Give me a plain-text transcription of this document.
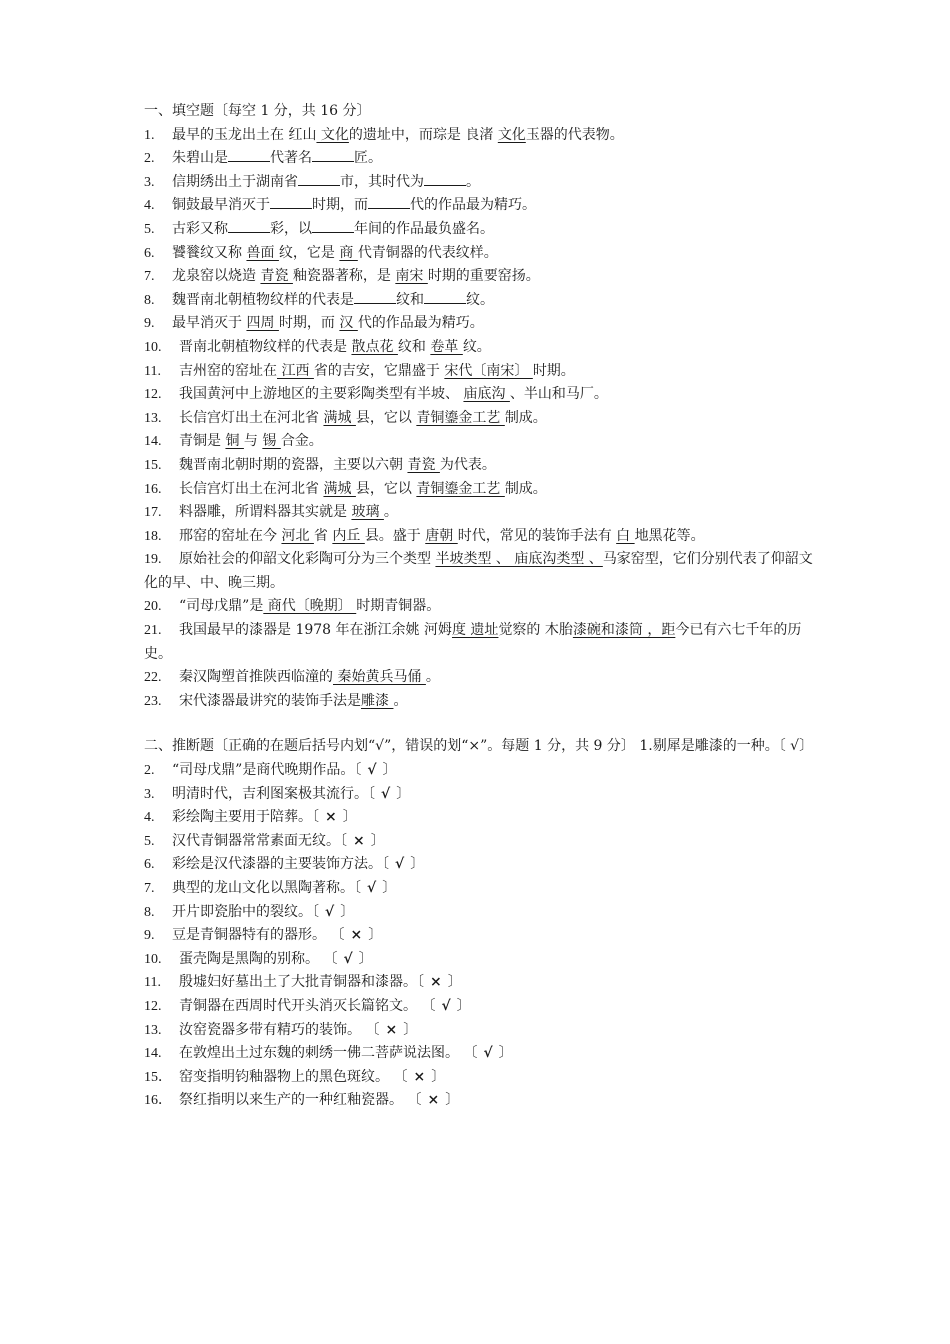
一、填空题〔每空 1 分，共 16 分〕
1. 最早的玉龙出土在 红山 文化的遗址中，而琮是 良渚 文化玉器的代表物。
2. 朱碧山是	代著名	匠。
3. 信期绣出土于湖南省	市，其时代为	。
4. 铜鼓最早消灭于	时期，而	代的作品最为精巧。
5. 古彩又称	彩，以	年间的作品最负盛名。
6. 饕餮纹又称 兽面 纹，它是 商 代青铜器的代表纹样。
7. 龙泉窑以烧造 青瓷 釉瓷器著称，是 南宋 时期的重要窑扬。
8. 魏晋南北朝植物纹样的代表是	纹和	纹。
9. 最早消灭于 四周 时期，而 汉 代的作品最为精巧。
10. 晋南北朝植物纹样的代表是 散点花 纹和 卷革 纹。
11. 吉州窑的窑址在 江西 省的吉安，它鼎盛于 宋代〔南宋〕 时期。
12. 我国黄河中上游地区的主要彩陶类型有半坡、 庙底沟 、半山和马厂。
13. 长信宫灯出土在河北省 满城 县，它以 青铜鎏金工艺 制成。
14. 青铜是 铜 与 锡 合金。
15. 魏晋南北朝时期的瓷器，主要以六朝 青瓷 为代表。
16. 长信宫灯出土在河北省 满城 县，它以 青铜鎏金工艺 制成。
17. 料器雕，所谓料器其实就是 玻璃 。
18. 邢窑的窑址在今 河北 省 内丘 县。盛于 唐朝 时代，常见的装饰手法有 白 地黑花等。
19. 原始社会的仰韶文化彩陶可分为三个类型 半坡类型 、 庙底沟类型 、马家窑型，它们分别代表了仰韶文化的早、中、晚三期。
20. “司母戊鼎”是 商代〔晚期〕 时期青铜器。
21. 我国最早的漆器是 1978 年在浙江余姚 河姆度 遗址觉察的 木胎漆碗和漆筒 ，距今已有六七千年的历史。
22. 秦汉陶塑首推陕西临潼的 秦始黄兵马俑 。
23. 宋代漆器最讲究的装饰手法是雕漆 。
二、推断题〔正确的在题后括号内划“√”，错误的划“×”。每题 1 分，共 9 分〕 1.剔犀是雕漆的一种。〔 √〕
2. “司母戊鼎”是商代晚期作品。〔 √ 〕
3. 明清时代，吉利图案极其流行。〔 √ 〕
4. 彩绘陶主要用于陪葬。〔 × 〕
5. 汉代青铜器常常素面无纹。〔 × 〕
6. 彩绘是汉代漆器的主要装饰方法。〔 √ 〕
7. 典型的龙山文化以黑陶著称。〔 √ 〕
8. 开片即瓷胎中的裂纹。〔 √ 〕
9. 豆是青铜器特有的器形。 〔 × 〕
10. 蛋壳陶是黑陶的别称。 〔 √ 〕
11. 殷墟妇好墓出土了大批青铜器和漆器。〔 × 〕
12. 青铜器在西周时代开头消灭长篇铭文。 〔 √ 〕
13. 汝窑瓷器多带有精巧的装饰。 〔 × 〕
14. 在敦煌出土过东魏的刺绣一佛二菩萨说法图。 〔 √ 〕
15． 窑变指明钧釉器物上的黑色斑纹。 〔 × 〕
16． 祭红指明以来生产的一种红釉瓷器。 〔 × 〕
